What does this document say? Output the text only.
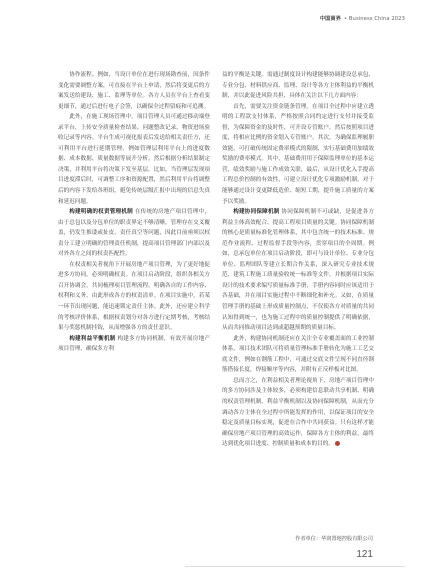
中国商界 • Business China 2023

协作流程。例如，当设计单位在进行现场勘查前，因条件变化需要调整方案，可直接在平台上申请，然后将变更后的方案发送给建设、施工、监理等单位。各方人员在平台上查看变更细节，通过后进行电子会签，以确保全过程留痕和可追溯。

此外，在施工现场管理中，项目管理人员可通过移动端登录平台，上传安全质量检查结果、问题整改记录、物资进场验收记录等内容。平台生成可视化报表后发送给相关责任方，还可利用平台进行延期管理，例如管理层利用平台上的进度数据、成本数据、质量数据等展开分析，然后根据分析结果制定决策，并利用平台将决策下发至基层。比如，当管理层发现项目进度滞后时，可调整工序和资源配置，然后利用平台将调整后的内容下发给各班组，避免传统层级汇报中出现的信息失真和延迟问题。

构建明确的权责管理机制 在传统的房地产项目管理中，由于总包以及分包单位的职责界定不够清晰，管理存在交叉覆盖，仍发生推诿或扯皮、责任真空等问题，因此目前亟须以权责分工建立明确的管理责任机制，提高项目管理部门内部以及对外各方之间的权责匹配性。

在权责相关者视角下开展房地产项目管理，为了更好地促进多方协同，必须明确权责。在项目启动阶段，组织各相关方召开协调会，共同梳理项目管理流程，明确各自的工作内容、权利和义务，由此形成各方的权责清单。在项目实施中，若某一环节出现问题，能迅速锁定责任主体。此外，还应建立科学的考核评价体系，根据权责划分对各方进行定期考核，考核结果与奖惩机制挂钩，从而增强各方的责任意识。

构建利益平衡机制 构建多方协同机制，有效开展房地产项目管理，确保多方利

益的平衡是关键。需通过制度设计构建能够协调建设总承包、专业分包、材料供应商、监理、设计等各方主体利益的平衡机制，并以此促进风险共担，具体在关注以下几方面内容：

首先，需要关注资金链条管理。在项目全过程中应建立透明的工程款支付体系，严格按照合同约定进行支付并接受监督，为保障资金的及时性，可开设专管账户，然后按照项目进度，将相应比例的资金划入专管账户。其次，为确保监理履职效能，可打破传统固定费率模式的限制，实行基础费用加绩效奖励的费率模式。其中，基础费用用于保障监理单位的基本运营，绩效奖励与施工作成效关联，最后，从设计优化入手提高工程总价控制的有效性，可建立设计优化专项激励机制，对于能够通过设计变更降低造价、缩短工期，提升施工质量的方案予以奖励。

构建协同保障机制 协同保障机制不可或缺，是促进各方利益主体高效配合、提高工程项目质量的关键。协同保障机制的核心是质量标准化管理体系，其中包含统一的技术标准、规范作业流程、过程监督手段等内容，贯穿项目的全周期。例如，总承包单位在项目启动阶段，即可与设计单位、专业分包单位、监理团队等建立长期合作关系，深入研究专业技术规范、建筑工程施工质量验收统一标准等文件，并根据项目实际设计的技术要求编写质量标准手册，手册内容同时应该适用于各基础，并在项目实施过程中不断细化和补充。又如，在质量管理手册的基础上形成质量控制点，不仅使各方对质量的共同认知得到统一，也为施工过程中的质量控制提供了明确依据，从而共同推动项目达到或超越预期的质量目标。

此外，构建协同机制还应在关注全专业覆盖面的工业控制体系，项目技术团队可将质量管理标准手册转化为施工工艺交底文件，例如在钢筋工程中，可通过交底文件呈现不同直径钢筋搭接长度，焊接顺序等内容，并附有正反样板对比图。

总而言之，在利益相关者理论视角下，房地产项目管理中的多方协同涉及主体较多，必须构建信息联动共享机制、明确的权责管理机制、利益平衡机制以及协同保障机制，从而充分调动各方主体在全过程中所能发挥的作用，以保证项目的安全稳定及质量目标实现，促进在合作中共同获益。只有这样才能确保房地产项目管理的高效运作，保障各方主体的利益，最终达到优化项目进度、控制质量和成本的目的。

作者单位：华润置地控股有限公司
121
